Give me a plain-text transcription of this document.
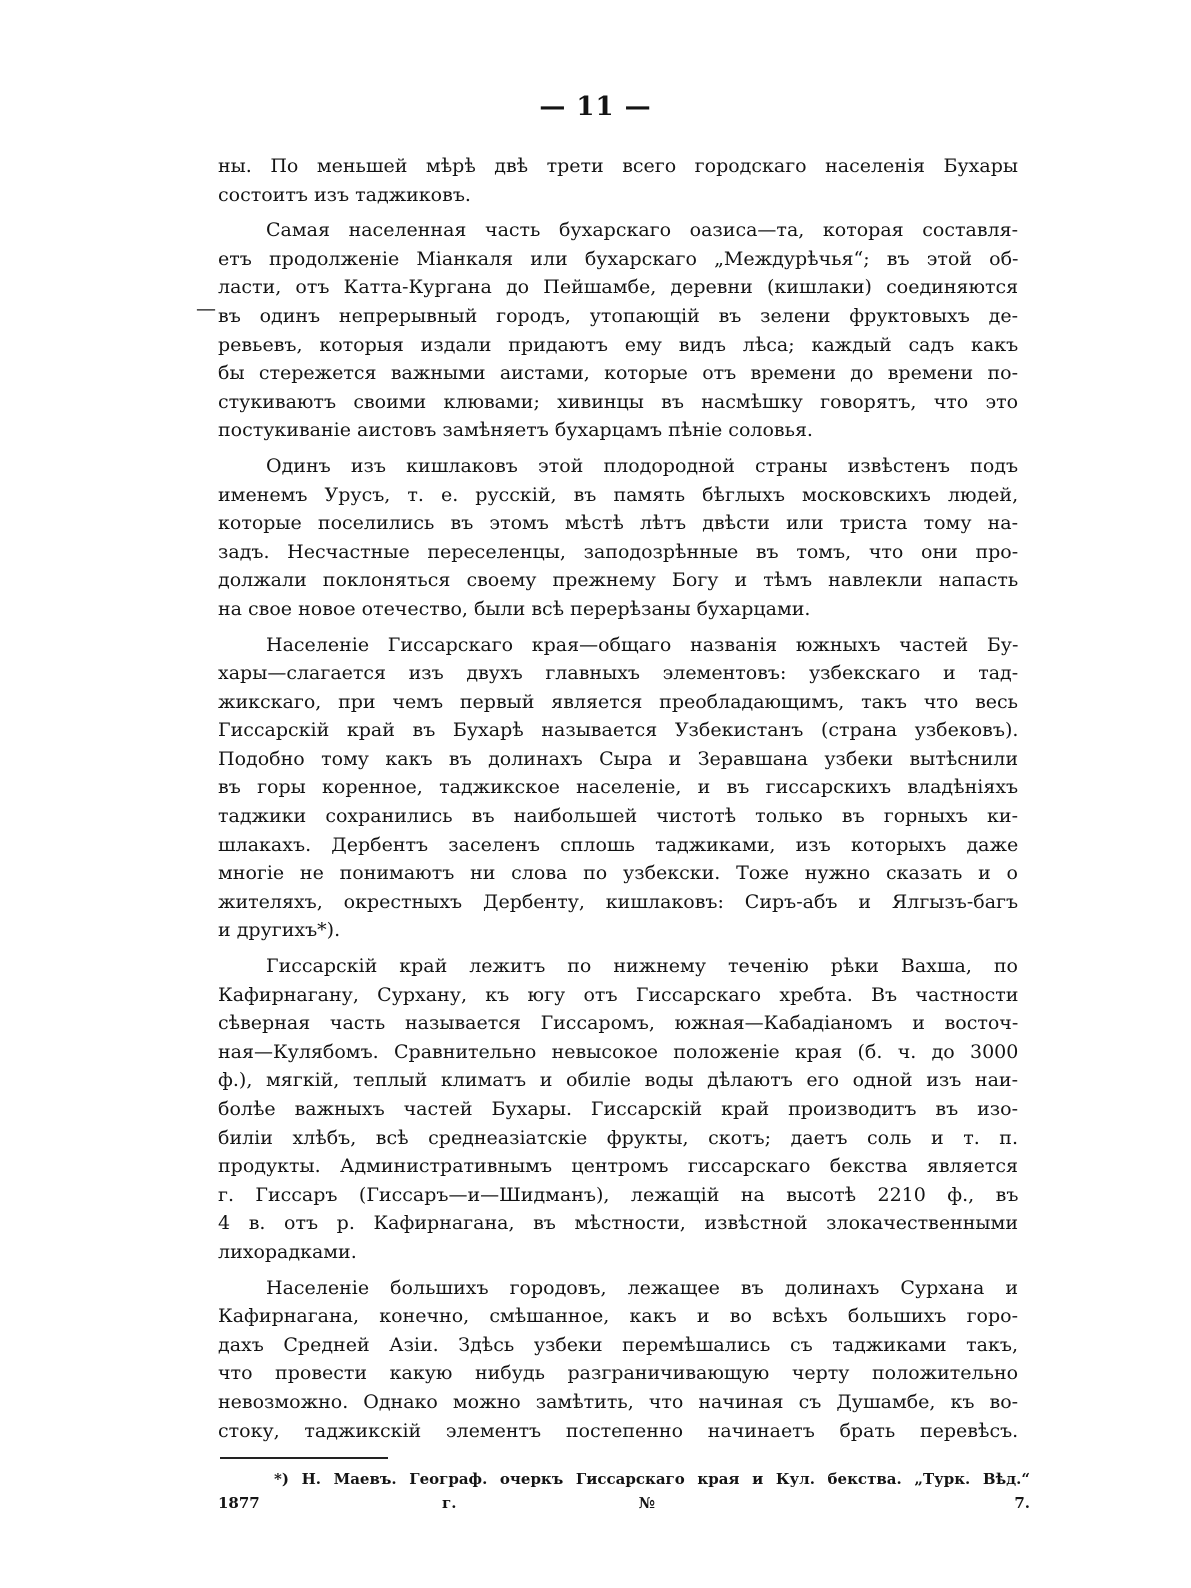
— 11 —
—

ны. По меньшей мѣрѣ двѣ трети всего городскаго населенія Бухары
состоитъ изъ таджиковъ.

Самая населенная часть бухарскаго оазиса—та, которая составля-
етъ продолженіе Міанкаля или бухарскаго „Междурѣчья“; въ этой об-
ласти, отъ Катта-Кургана до Пейшамбе, деревни (кишлаки) соединяются
въ одинъ непрерывный городъ, утопающій въ зелени фруктовыхъ де-
ревьевъ, которыя издали придаютъ ему видъ лѣса; каждый садъ какъ
бы стережется важными аистами, которые отъ времени до времени по-
стукиваютъ своими клювами; хивинцы въ насмѣшку говорятъ, что это
постукиванiе аистовъ замѣняетъ бухарцамъ пѣніе соловья.

Одинъ изъ кишлаковъ этой плодородной страны извѣстенъ подъ
именемъ Урусъ, т. е. русскій, въ память бѣглыхъ московскихъ людей,
которые поселились въ этомъ мѣстѣ лѣтъ двѣсти или триста тому на-
задъ. Несчастные переселенцы, заподозрѣнные въ томъ, что они про-
должали поклоняться своему прежнему Богу и тѣмъ навлекли напасть
на свое новое отечество, были всѣ перерѣзаны бухарцами.

Населеніе Гиссарскаго края—общаго названія южныхъ частей Бу-
хары—слагается изъ двухъ главныхъ элементовъ: узбекскаго и тад-
жикскаго, при чемъ первый является преобладающимъ, такъ что весь
Гиссарскій край въ Бухарѣ называется Узбекистанъ (страна узбековъ).
Подобно тому какъ въ долинахъ Сыра и Зеравшана узбеки вытѣснили
въ горы коренное, таджикское населеніе, и въ гиссарскихъ владѣніяхъ
таджики сохранились въ наибольшей чистотѣ только въ горныхъ ки-
шлакахъ. Дербентъ заселенъ сплошь таджиками, изъ которыхъ даже
многіе не понимаютъ ни слова по узбекски. Тоже нужно сказать и о
жителяхъ, окрестныхъ Дербенту, кишлаковъ: Сиръ-абъ и Ялгызъ-багъ
и другихъ*).

Гиссарскій край лежитъ по нижнему теченію рѣки Вахша, по
Кафирнагану, Сурхану, къ югу отъ Гиссарскаго хребта. Въ частности
сѣверная часть называется Гиссаромъ, южная—Кабадіаномъ и восточ-
ная—Кулябомъ. Сравнительно невысокое положеніе края (б. ч. до 3000
ф.), мягкій, теплый климатъ и обиліе воды дѣлаютъ его одной изъ наи-
болѣе важныхъ частей Бухары. Гиссарскій край производитъ въ изо-
биліи хлѣбъ, всѣ среднеазіатскіе фрукты, скотъ; даетъ соль и т. п.
продукты. Административнымъ центромъ гиссарскаго бекства является
г. Гиссаръ (Гиссаръ—и—Шидманъ), лежащій на высотѣ 2210 ф., въ
4 в. отъ р. Кафирнагана, въ мѣстности, извѣстной злокачественными
лихорадками.

Населеніе большихъ городовъ, лежащее въ долинахъ Сурхана и
Кафирнагана, конечно, смѣшанное, какъ и во всѣхъ большихъ горо-
дахъ Средней Азіи. Здѣсь узбеки перемѣшались съ таджиками такъ,
что провести какую нибудь разграничивающую черту положительно
невозможно. Однако можно замѣтить, что начиная съ Душамбе, къ во-
стоку, таджикскій элементъ постепенно начинаетъ брать перевѣсъ.

*) Н. Маевъ. Географ. очеркъ Гиссарскаго края и Кул. бекства. „Турк. Вѣд.“
1877 г. № 7.
